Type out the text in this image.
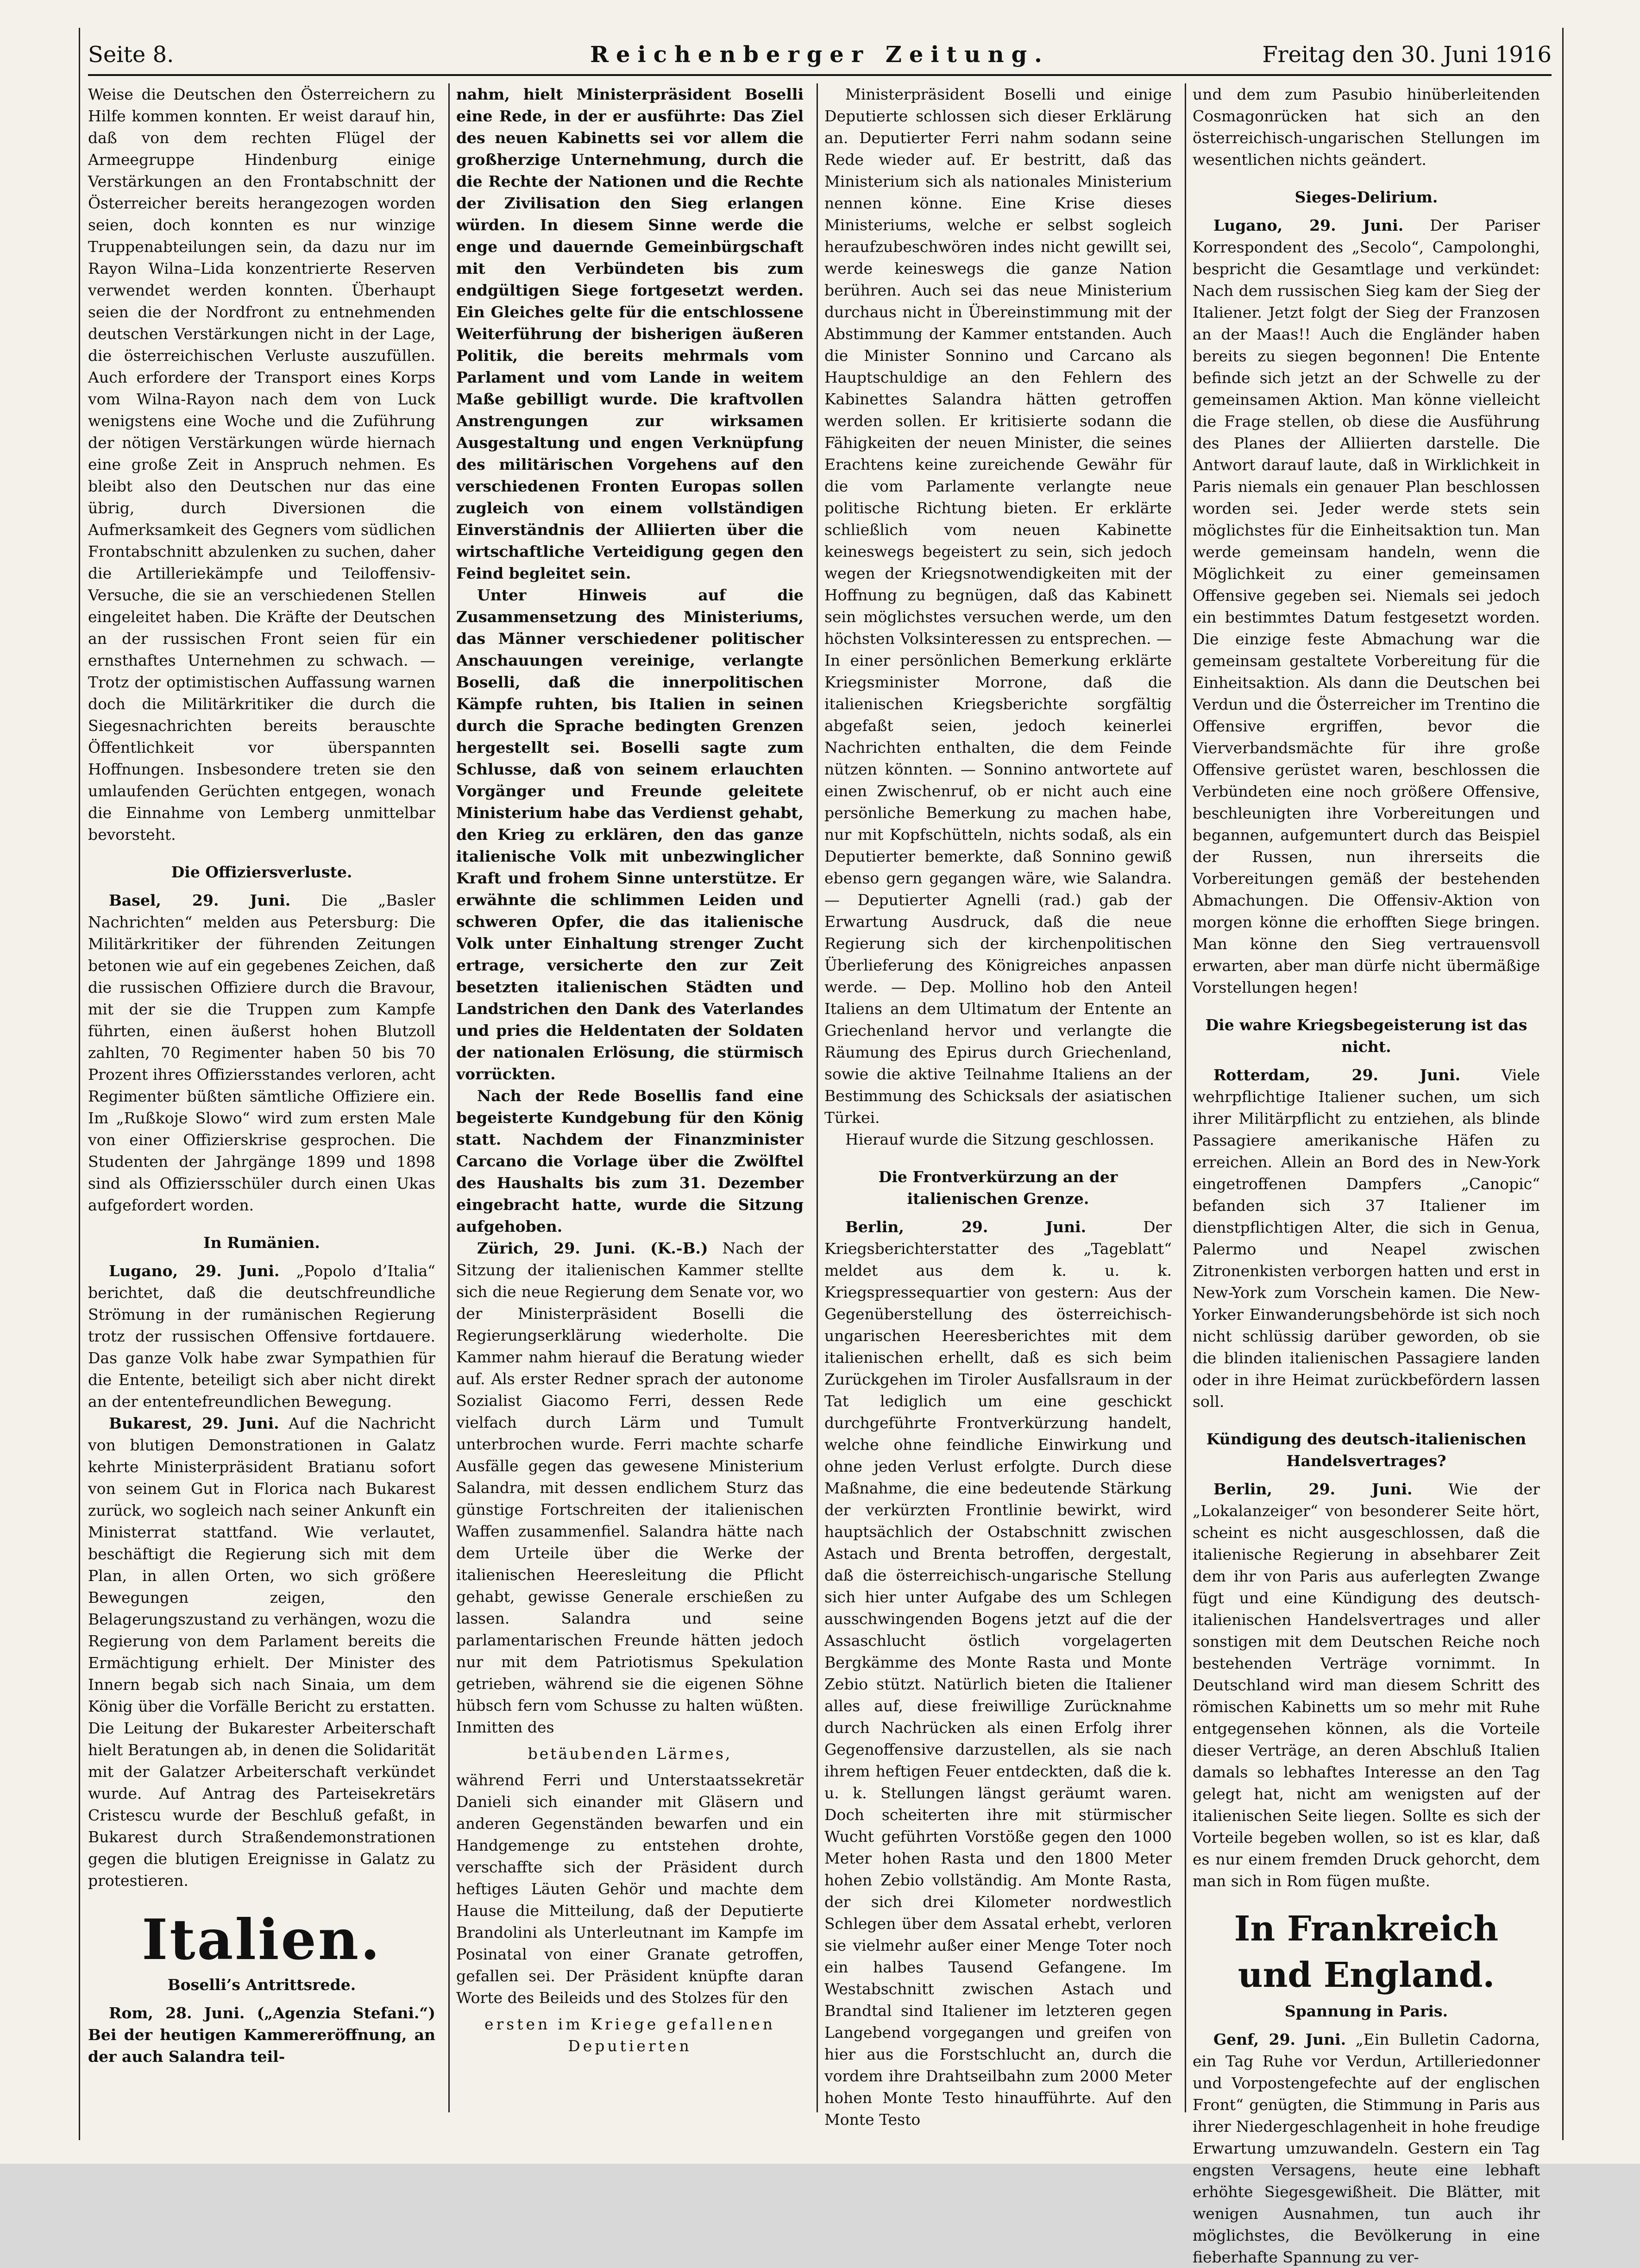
Seite 8.	Reichenberger Zeitung.	Freitag den 30. Juni 1916

Weise die Deutschen den Österreichern zu Hilfe kommen konnten. Er weist darauf hin, daß von dem rechten Flügel der Armeegruppe Hindenburg einige Verstärkungen an den Frontabschnitt der Österreicher bereits herangezogen worden seien, doch konnten es nur winzige Truppenabteilungen sein, da dazu nur im Rayon Wilna–Lida konzentrierte Reserven verwendet werden konnten. Überhaupt seien die der Nordfront zu entnehmenden deutschen Verstärkungen nicht in der Lage, die österreichischen Verluste auszufüllen. Auch erfordere der Transport eines Korps vom Wilna-Rayon nach dem von Luck wenigstens eine Woche und die Zuführung der nötigen Verstärkungen würde hiernach eine große Zeit in Anspruch nehmen. Es bleibt also den Deutschen nur das eine übrig, durch Diversionen die Aufmerksamkeit des Gegners vom südlichen Frontabschnitt abzulenken zu suchen, daher die Artilleriekämpfe und Teiloffensiv-Versuche, die sie an verschiedenen Stellen eingeleitet haben. Die Kräfte der Deutschen an der russischen Front seien für ein ernsthaftes Unternehmen zu schwach. — Trotz der optimistischen Auffassung warnen doch die Militärkritiker die durch die Siegesnachrichten bereits berauschte Öffentlichkeit vor überspannten Hoffnungen. Insbesondere treten sie den umlaufenden Gerüchten entgegen, wonach die Einnahme von Lemberg unmittelbar bevorsteht.

Die Offiziersverluste.

Basel, 29. Juni. Die „Basler Nachrichten“ melden aus Petersburg: Die Militärkritiker der führenden Zeitungen betonen wie auf ein gegebenes Zeichen, daß die russischen Offiziere durch die Bravour, mit der sie die Truppen zum Kampfe führten, einen äußerst hohen Blutzoll zahlten, 70 Regimenter haben 50 bis 70 Prozent ihres Offiziersstandes verloren, acht Regimenter büßten sämtliche Offiziere ein. Im „Rußkoje Slowo“ wird zum ersten Male von einer Offizierskrise gesprochen. Die Studenten der Jahrgänge 1899 und 1898 sind als Offiziersschüler durch einen Ukas aufgefordert worden.

In Rumänien.

Lugano, 29. Juni. „Popolo d’Italia“ berichtet, daß die deutschfreundliche Strömung in der rumänischen Regierung trotz der russischen Offensive fortdauere. Das ganze Volk habe zwar Sympathien für die Entente, beteiligt sich aber nicht direkt an der ententefreundlichen Bewegung.

Bukarest, 29. Juni. Auf die Nachricht von blutigen Demonstrationen in Galatz kehrte Ministerpräsident Bratianu sofort von seinem Gut in Florica nach Bukarest zurück, wo sogleich nach seiner Ankunft ein Ministerrat stattfand. Wie verlautet, beschäftigt die Regierung sich mit dem Plan, in allen Orten, wo sich größere Bewegungen zeigen, den Belagerungszustand zu verhängen, wozu die Regierung von dem Parlament bereits die Ermächtigung erhielt. Der Minister des Innern begab sich nach Sinaia, um dem König über die Vorfälle Bericht zu erstatten. Die Leitung der Bukarester Arbeiterschaft hielt Beratungen ab, in denen die Solidarität mit der Galatzer Arbeiterschaft verkündet wurde. Auf Antrag des Parteisekretärs Cristescu wurde der Beschluß gefaßt, in Bukarest durch Straßendemonstrationen gegen die blutigen Ereignisse in Galatz zu protestieren.

Italien.
Boselli’s Antrittsrede.

Rom, 28. Juni. („Agenzia Stefani.“) Bei der heutigen Kammereröffnung, an der auch Salandra teil-

nahm, hielt Ministerpräsident Boselli eine Rede, in der er ausführte: Das Ziel des neuen Kabinetts sei vor allem die großherzige Unternehmung, durch die die Rechte der Nationen und die Rechte der Zivilisation den Sieg erlangen würden. In diesem Sinne werde die enge und dauernde Gemeinbürgschaft mit den Verbündeten bis zum endgültigen Siege fortgesetzt werden. Ein Gleiches gelte für die entschlossene Weiterführung der bisherigen äußeren Politik, die bereits mehrmals vom Parlament und vom Lande in weitem Maße gebilligt wurde. Die kraftvollen Anstrengungen zur wirksamen Ausgestaltung und engen Verknüpfung des militärischen Vorgehens auf den verschiedenen Fronten Europas sollen zugleich von einem vollständigen Einverständnis der Alliierten über die wirtschaftliche Verteidigung gegen den Feind begleitet sein.

Unter Hinweis auf die Zusammensetzung des Ministeriums, das Männer verschiedener politischer Anschauungen vereinige, verlangte Boselli, daß die innerpolitischen Kämpfe ruhten, bis Italien in seinen durch die Sprache bedingten Grenzen hergestellt sei. Boselli sagte zum Schlusse, daß von seinem erlauchten Vorgänger und Freunde geleitete Ministerium habe das Verdienst gehabt, den Krieg zu erklären, den das ganze italienische Volk mit unbezwinglicher Kraft und frohem Sinne unterstütze. Er erwähnte die schlimmen Leiden und schweren Opfer, die das italienische Volk unter Einhaltung strenger Zucht ertrage, versicherte den zur Zeit besetzten italienischen Städten und Landstrichen den Dank des Vaterlandes und pries die Heldentaten der Soldaten der nationalen Erlösung, die stürmisch vorrückten.

Nach der Rede Bosellis fand eine begeisterte Kundgebung für den König statt. Nachdem der Finanzminister Carcano die Vorlage über die Zwölftel des Haushalts bis zum 31. Dezember eingebracht hatte, wurde die Sitzung aufgehoben.

Zürich, 29. Juni. (K.-B.) Nach der Sitzung der italienischen Kammer stellte sich die neue Regierung dem Senate vor, wo der Ministerpräsident Boselli die Regierungserklärung wiederholte. Die Kammer nahm hierauf die Beratung wieder auf. Als erster Redner sprach der autonome Sozialist Giacomo Ferri, dessen Rede vielfach durch Lärm und Tumult unterbrochen wurde. Ferri machte scharfe Ausfälle gegen das gewesene Ministerium Salandra, mit dessen endlichem Sturz das günstige Fortschreiten der italienischen Waffen zusammenfiel. Salandra hätte nach dem Urteile über die Werke der italienischen Heeresleitung die Pflicht gehabt, gewisse Generale erschießen zu lassen. Salandra und seine parlamentarischen Freunde hätten jedoch nur mit dem Patriotismus Spekulation getrieben, während sie die eigenen Söhne hübsch fern vom Schusse zu halten wüßten. Inmitten des

betäubenden Lärmes,

während Ferri und Unterstaatssekretär Danieli sich einander mit Gläsern und anderen Gegenständen bewarfen und ein Handgemenge zu entstehen drohte, verschaffte sich der Präsident durch heftiges Läuten Gehör und machte dem Hause die Mitteilung, daß der Deputierte Brandolini als Unterleutnant im Kampfe im Posinatal von einer Granate getroffen, gefallen sei. Der Präsident knüpfte daran Worte des Beileids und des Stolzes für den

ersten im Kriege gefallenen Deputierten

Ministerpräsident Boselli und einige Deputierte schlossen sich dieser Erklärung an. Deputierter Ferri nahm sodann seine Rede wieder auf. Er bestritt, daß das Ministerium sich als nationales Ministerium nennen könne. Eine Krise dieses Ministeriums, welche er selbst sogleich heraufzubeschwören indes nicht gewillt sei, werde keineswegs die ganze Nation berühren. Auch sei das neue Ministerium durchaus nicht in Übereinstimmung mit der Abstimmung der Kammer entstanden. Auch die Minister Sonnino und Carcano als Hauptschuldige an den Fehlern des Kabinettes Salandra hätten getroffen werden sollen. Er kritisierte sodann die Fähigkeiten der neuen Minister, die seines Erachtens keine zureichende Gewähr für die vom Parlamente verlangte neue politische Richtung bieten. Er erklärte schließlich vom neuen Kabinette keineswegs begeistert zu sein, sich jedoch wegen der Kriegsnotwendigkeiten mit der Hoffnung zu begnügen, daß das Kabinett sein möglichstes versuchen werde, um den höchsten Volksinteressen zu entsprechen. — In einer persönlichen Bemerkung erklärte Kriegsminister Morrone, daß die italienischen Kriegsberichte sorgfältig abgefaßt seien, jedoch keinerlei Nachrichten enthalten, die dem Feinde nützen könnten. — Sonnino antwortete auf einen Zwischenruf, ob er nicht auch eine persönliche Bemerkung zu machen habe, nur mit Kopfschütteln, nichts sodaß, als ein Deputierter bemerkte, daß Sonnino gewiß ebenso gern gegangen wäre, wie Salandra. — Deputierter Agnelli (rad.) gab der Erwartung Ausdruck, daß die neue Regierung sich der kirchenpolitischen Überlieferung des Königreiches anpassen werde. — Dep. Mollino hob den Anteil Italiens an dem Ultimatum der Entente an Griechenland hervor und verlangte die Räumung des Epirus durch Griechenland, sowie die aktive Teilnahme Italiens an der Bestimmung des Schicksals der asiatischen Türkei.

Hierauf wurde die Sitzung geschlossen.

Die Frontverkürzung an der italienischen Grenze.

Berlin, 29. Juni. Der Kriegsberichterstatter des „Tageblatt“ meldet aus dem k. u. k. Kriegspressequartier von gestern: Aus der Gegenüberstellung des österreichisch-ungarischen Heeresberichtes mit dem italienischen erhellt, daß es sich beim Zurückgehen im Tiroler Ausfallsraum in der Tat lediglich um eine geschickt durchgeführte Frontverkürzung handelt, welche ohne feindliche Einwirkung und ohne jeden Verlust erfolgte. Durch diese Maßnahme, die eine bedeutende Stärkung der verkürzten Frontlinie bewirkt, wird hauptsächlich der Ostabschnitt zwischen Astach und Brenta betroffen, dergestalt, daß die österreichisch-ungarische Stellung sich hier unter Aufgabe des um Schlegen ausschwingenden Bogens jetzt auf die der Assaschlucht östlich vorgelagerten Bergkämme des Monte Rasta und Monte Zebio stützt. Natürlich bieten die Italiener alles auf, diese freiwillige Zurücknahme durch Nachrücken als einen Erfolg ihrer Gegenoffensive darzustellen, als sie nach ihrem heftigen Feuer entdeckten, daß die k. u. k. Stellungen längst geräumt waren. Doch scheiterten ihre mit stürmischer Wucht geführten Vorstöße gegen den 1000 Meter hohen Rasta und den 1800 Meter hohen Zebio vollständig. Am Monte Rasta, der sich drei Kilometer nordwestlich Schlegen über dem Assatal erhebt, verloren sie vielmehr außer einer Menge Toter noch ein halbes Tausend Gefangene. Im Westabschnitt zwischen Astach und Brandtal sind Italiener im letzteren gegen Langebend vorgegangen und greifen von hier aus die Forstschlucht an, durch die vordem ihre Drahtseilbahn zum 2000 Meter hohen Monte Testo hinaufführte. Auf den Monte Testo

und dem zum Pasubio hinüberleitenden Cosmagonrücken hat sich an den österreichisch-ungarischen Stellungen im wesentlichen nichts geändert.

Sieges-Delirium.

Lugano, 29. Juni. Der Pariser Korrespondent des „Secolo“, Campolonghi, bespricht die Gesamtlage und verkündet: Nach dem russischen Sieg kam der Sieg der Italiener. Jetzt folgt der Sieg der Franzosen an der Maas!! Auch die Engländer haben bereits zu siegen begonnen! Die Entente befinde sich jetzt an der Schwelle zu der gemeinsamen Aktion. Man könne vielleicht die Frage stellen, ob diese die Ausführung des Planes der Alliierten darstelle. Die Antwort darauf laute, daß in Wirklichkeit in Paris niemals ein genauer Plan beschlossen worden sei. Jeder werde stets sein möglichstes für die Einheitsaktion tun. Man werde gemeinsam handeln, wenn die Möglichkeit zu einer gemeinsamen Offensive gegeben sei. Niemals sei jedoch ein bestimmtes Datum festgesetzt worden. Die einzige feste Abmachung war die gemeinsam gestaltete Vorbereitung für die Einheitsaktion. Als dann die Deutschen bei Verdun und die Österreicher im Trentino die Offensive ergriffen, bevor die Vierverbandsmächte für ihre große Offensive gerüstet waren, beschlossen die Verbündeten eine noch größere Offensive, beschleunigten ihre Vorbereitungen und begannen, aufgemuntert durch das Beispiel der Russen, nun ihrerseits die Vorbereitungen gemäß der bestehenden Abmachungen. Die Offensiv-Aktion von morgen könne die erhofften Siege bringen. Man könne den Sieg vertrauensvoll erwarten, aber man dürfe nicht übermäßige Vorstellungen hegen!

Die wahre Kriegsbegeisterung ist das nicht.

Rotterdam, 29. Juni. Viele wehrpflichtige Italiener suchen, um sich ihrer Militärpflicht zu entziehen, als blinde Passagiere amerikanische Häfen zu erreichen. Allein an Bord des in New-York eingetroffenen Dampfers „Canopic“ befanden sich 37 Italiener im dienstpflichtigen Alter, die sich in Genua, Palermo und Neapel zwischen Zitronenkisten verborgen hatten und erst in New-York zum Vorschein kamen. Die New-Yorker Einwanderungsbehörde ist sich noch nicht schlüssig darüber geworden, ob sie die blinden italienischen Passagiere landen oder in ihre Heimat zurückbefördern lassen soll.

Kündigung des deutsch-italienischen Handelsvertrages?

Berlin, 29. Juni. Wie der „Lokalanzeiger“ von besonderer Seite hört, scheint es nicht ausgeschlossen, daß die italienische Regierung in absehbarer Zeit dem ihr von Paris aus auferlegten Zwange fügt und eine Kündigung des deutsch-italienischen Handelsvertrages und aller sonstigen mit dem Deutschen Reiche noch bestehenden Verträge vornimmt. In Deutschland wird man diesem Schritt des römischen Kabinetts um so mehr mit Ruhe entgegensehen können, als die Vorteile dieser Verträge, an deren Abschluß Italien damals so lebhaftes Interesse an den Tag gelegt hat, nicht am wenigsten auf der italienischen Seite liegen. Sollte es sich der Vorteile begeben wollen, so ist es klar, daß es nur einem fremden Druck gehorcht, dem man sich in Rom fügen mußte.

In Frankreich und England.
Spannung in Paris.

Genf, 29. Juni. „Ein Bulletin Cadorna, ein Tag Ruhe vor Verdun, Artilleriedonner und Vorpostengefechte auf der englischen Front“ genügten, die Stimmung in Paris aus ihrer Niedergeschlagenheit in hohe freudige Erwartung umzuwandeln. Gestern ein Tag engsten Versagens, heute eine lebhaft erhöhte Siegesgewißheit. Die Blätter, mit wenigen Ausnahmen, tun auch ihr möglichstes, die Bevölkerung in eine fieberhafte Spannung zu ver-
